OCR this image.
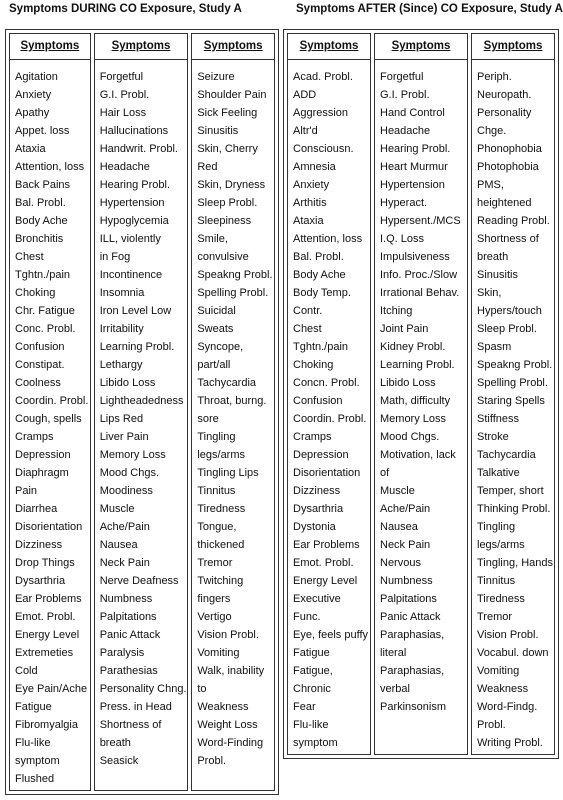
Symptoms DURING CO Exposure, Study A	Symptoms AFTER (Since) CO Exposure, Study A
Symptoms
Agitation
Anxiety
Apathy
Appet. loss
Ataxia
Attention, loss
Back Pains
Bal. Probl.
Body Ache
Bronchitis
Chest
Tghtn./pain
Choking
Chr. Fatigue
Conc. Probl.
Confusion
Constipat.
Coolness
Coordin. Probl.
Cough, spells
Cramps
Depression
Diaphragm
Pain
Diarrhea
Disorientation
Dizziness
Drop Things
Dysarthria
Ear Problems
Emot. Probl.
Energy Level
Extremeties
Cold
Eye Pain/Ache
Fatigue
Fibromyalgia
Flu-like
symptom
Flushed
Symptoms
Forgetful
G.I. Probl.
Hair Loss
Hallucinations
Handwrit. Probl.
Headache
Hearing Probl.
Hypertension
Hypoglycemia
ILL, violently
in Fog
Incontinence
Insomnia
Iron Level Low
Irritability
Learning Probl.
Lethargy
Libido Loss
Lightheadedness
Lips Red
Liver Pain
Memory Loss
Mood Chgs.
Moodiness
Muscle
Ache/Pain
Nausea
Neck Pain
Nerve Deafness
Numbness
Palpitations
Panic Attack
Paralysis
Parathesias
Personality Chng.
Press. in Head
Shortness of
breath
Seasick
Symptoms
Seizure
Shoulder Pain
Sick Feeling
Sinusitis
Skin, Cherry
Red
Skin, Dryness
Sleep Probl.
Sleepiness
Smile,
convulsive
Speakng Probl.
Spelling Probl.
Suicidal
Sweats
Syncope,
part/all
Tachycardia
Throat, burng.
sore
Tingling
legs/arms
Tingling Lips
Tinnitus
Tiredness
Tongue,
thickened
Tremor
Twitching
fingers
Vertigo
Vision Probl.
Vomiting
Walk, inability
to
Weakness
Weight Loss
Word-Finding
Probl.
Symptoms
Acad. Probl.
ADD
Aggression
Altr'd
Consciousn.
Amnesia
Anxiety
Arthitis
Ataxia
Attention, loss
Bal. Probl.
Body Ache
Body Temp.
Contr.
Chest
Tghtn./pain
Choking
Concn. Probl.
Confusion
Coordin. Probl.
Cramps
Depression
Disorientation
Dizziness
Dysarthria
Dystonia
Ear Problems
Emot. Probl.
Energy Level
Executive
Func.
Eye, feels puffy
Fatigue
Fatigue,
Chronic
Fear
Flu-like
symptom
Symptoms
Forgetful
G.I. Probl.
Hand Control
Headache
Hearing Probl.
Heart Murmur
Hypertension
Hyperact.
Hypersent./MCS
I.Q. Loss
Impulsiveness
Info. Proc./Slow
Irrational Behav.
Itching
Joint Pain
Kidney Probl.
Learning Probl.
Libido Loss
Math, difficulty
Memory Loss
Mood Chgs.
Motivation, lack
of
Muscle
Ache/Pain
Nausea
Neck Pain
Nervous
Numbness
Palpitations
Panic Attack
Paraphasias,
literal
Paraphasias,
verbal
Parkinsonism
Symptoms
Periph.
Neuropath.
Personality
Chge.
Phonophobia
Photophobia
PMS,
heightened
Reading Probl.
Shortness of
breath
Sinusitis
Skin,
Hypers/touch
Sleep Probl.
Spasm
Speakng Probl.
Spelling Probl.
Staring Spells
Stiffness
Stroke
Tachycardia
Talkative
Temper, short
Thinking Probl.
Tingling
legs/arms
Tingling, Hands
Tinnitus
Tiredness
Tremor
Vision Probl.
Vocabul. down
Vomiting
Weakness
Word-Findg.
Probl.
Writing Probl.
